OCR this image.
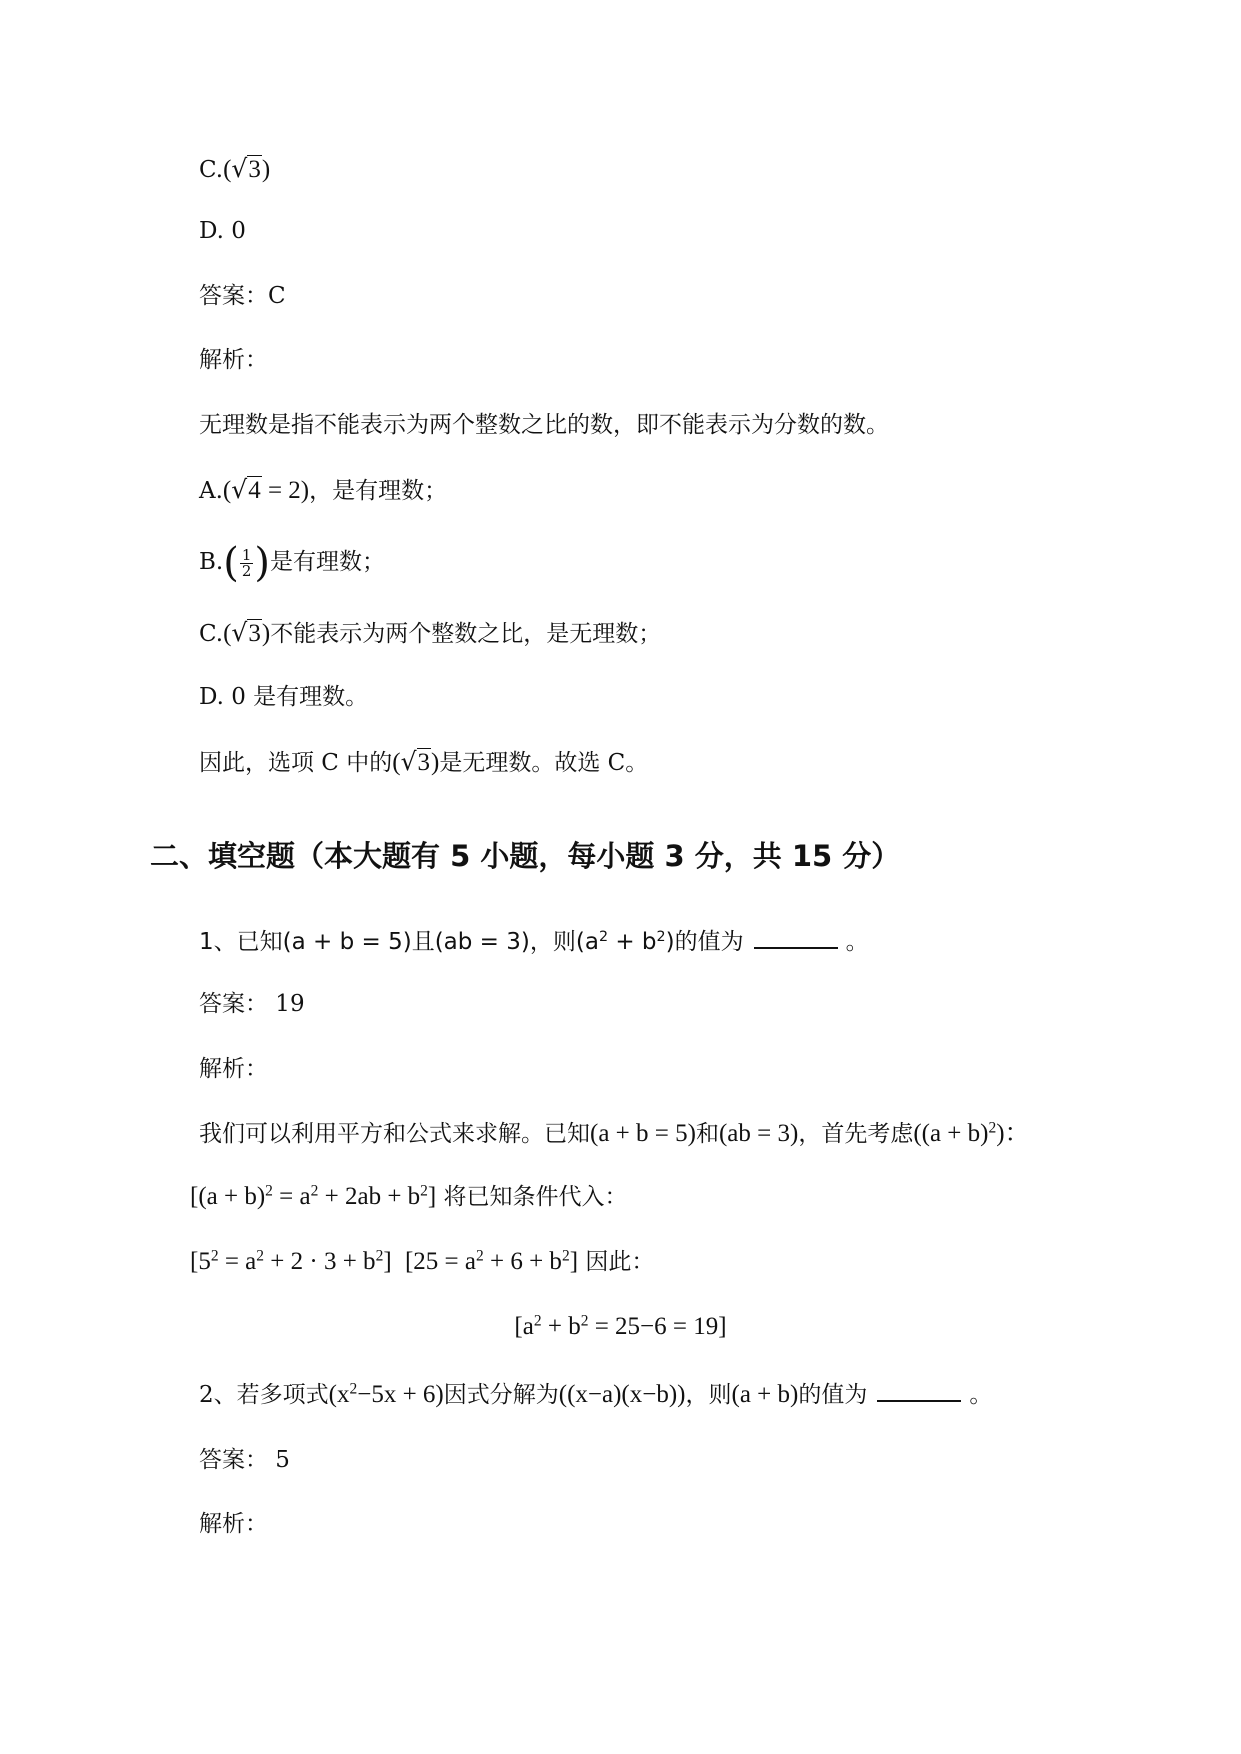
C.(√3)
D. 0
答案：C
解析：
无理数是指不能表示为两个整数之比的数，即不能表示为分数的数。
A.(√4 = 2)，是有理数；
$B.( \frac{1}{2}$ )是有理数；
C.(√3)不能表示为两个整数之比，是无理数；
D. 0 是有理数。
因此，选项 C 中的(√3)是无理数。故选 C。
二、填空题（本大题有 5 小题，每小题 3 分，共 15 分）
1、已知(a + b = 5)且(ab = 3)，则$(a^2 + b^2)$的值为	。
答案： 19
解析：
我们可以利用平方和公式来求解。已知(a + b = 5)和(ab = 3)，首先考虑$((a + b)^2)$：
$[(a + b)^2 = a^2 + 2ab + b^2]$ 将已知条件代入：
$[5^2 = a^2 + 2 \cdot 3 + b^2] [25 = a^2 + 6 + b^2]$ 因此：
$[a^2 + b^2 = 25-6 = 19]$
2、若多项式$(x^2-5x + 6)$因式分解为((x−a)(x−b))，则(a + b)的值为	。
答案： 5
解析：
